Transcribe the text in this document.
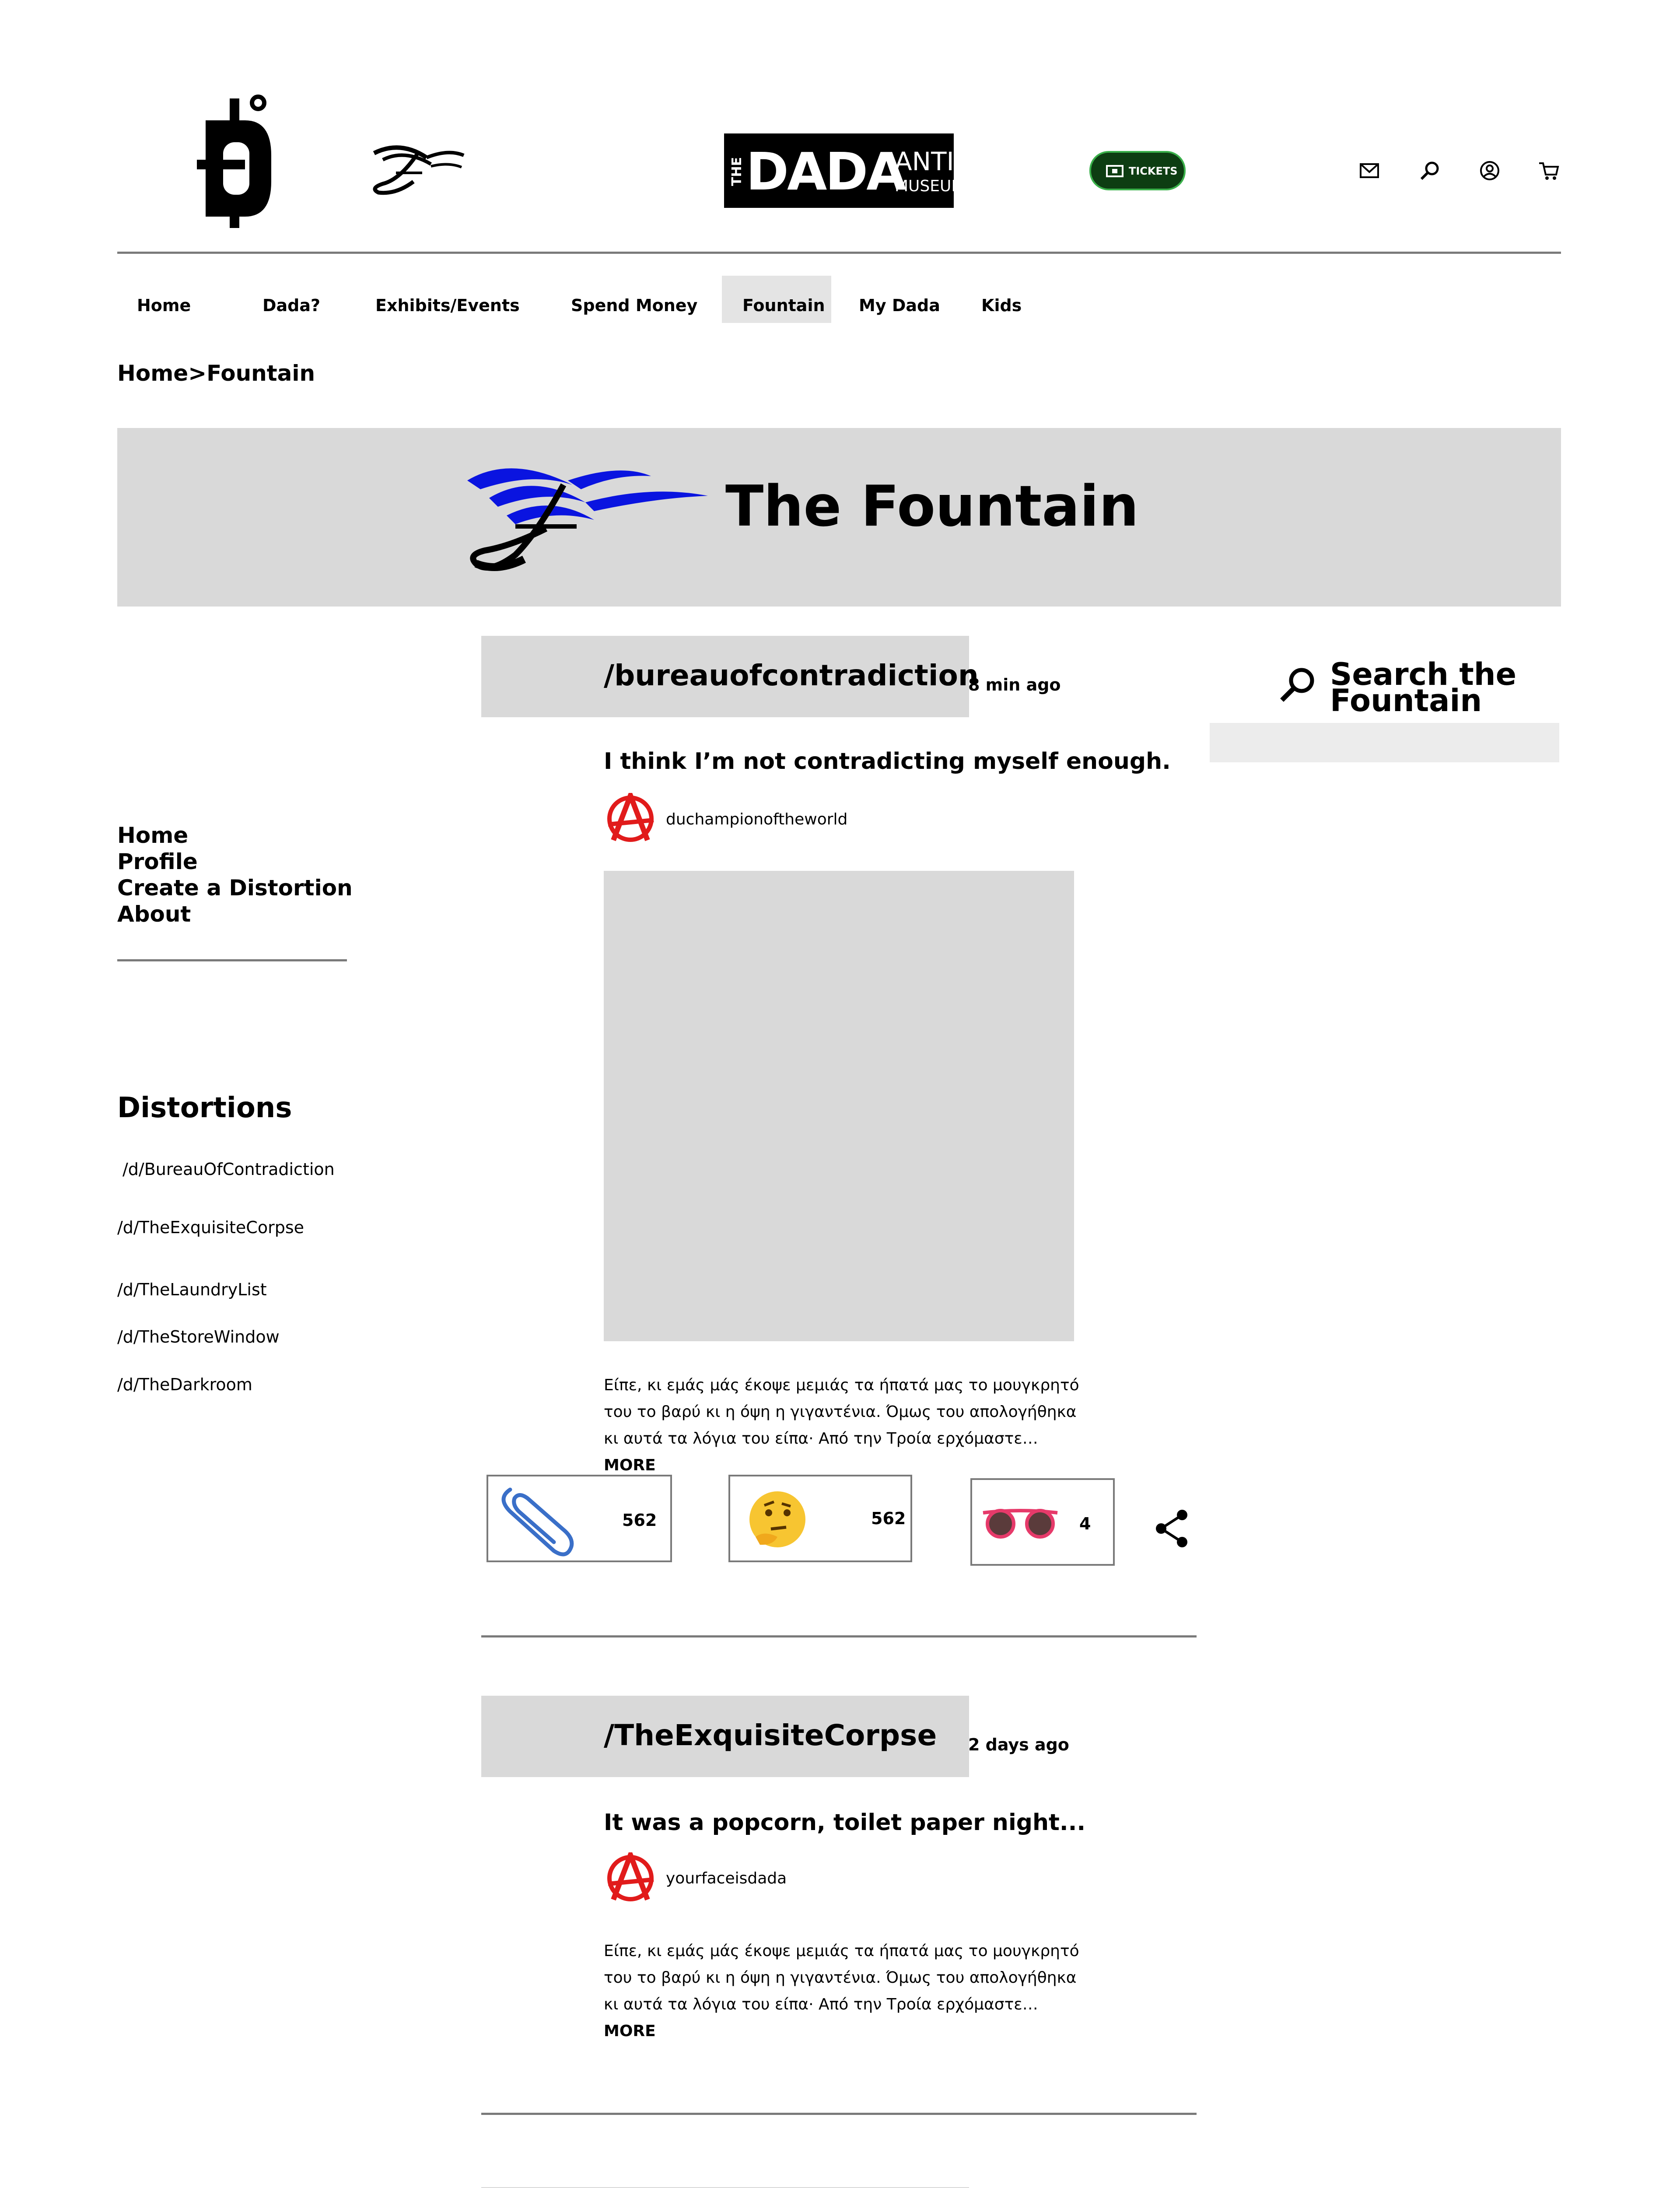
THE DADA
ANTI-
MUSEUM
TICKETS
Home	Dada?	Exhibits/Events	Spend Money	Fountain My Dada Kids
Home>Fountain
The Fountain
Home
Profile
Create a Distortion
About
Distortions
/d/BureauOfContradiction
/d/TheExquisiteCorpse
/d/TheLaundryList
/d/TheStoreWindow
/d/TheDarkroom
Search the
Fountain
/bureauofcontradiction
8 min ago
I think I’m not contradicting myself enough.
duchampionoftheworld
Είπε, κι εμάς μάς έκοψε μεμιάς τα ήπατά μας το μουγκρητό
του το βαρύ κι η όψη η γιγαντένια. Όμως του απολογήθηκα
κι αυτά τα λόγια του είπα· Από την Τροία ερχόμαστε…MORE
562	562	4
/TheExquisiteCorpse 2 days ago
It was a popcorn, toilet paper night...
yourfaceisdada
Είπε, κι εμάς μάς έκοψε μεμιάς τα ήπατά μας το μουγκρητό
του το βαρύ κι η όψη η γιγαντένια. Όμως του απολογήθηκα
κι αυτά τα λόγια του είπα· Από την Τροία ερχόμαστε…MORE
